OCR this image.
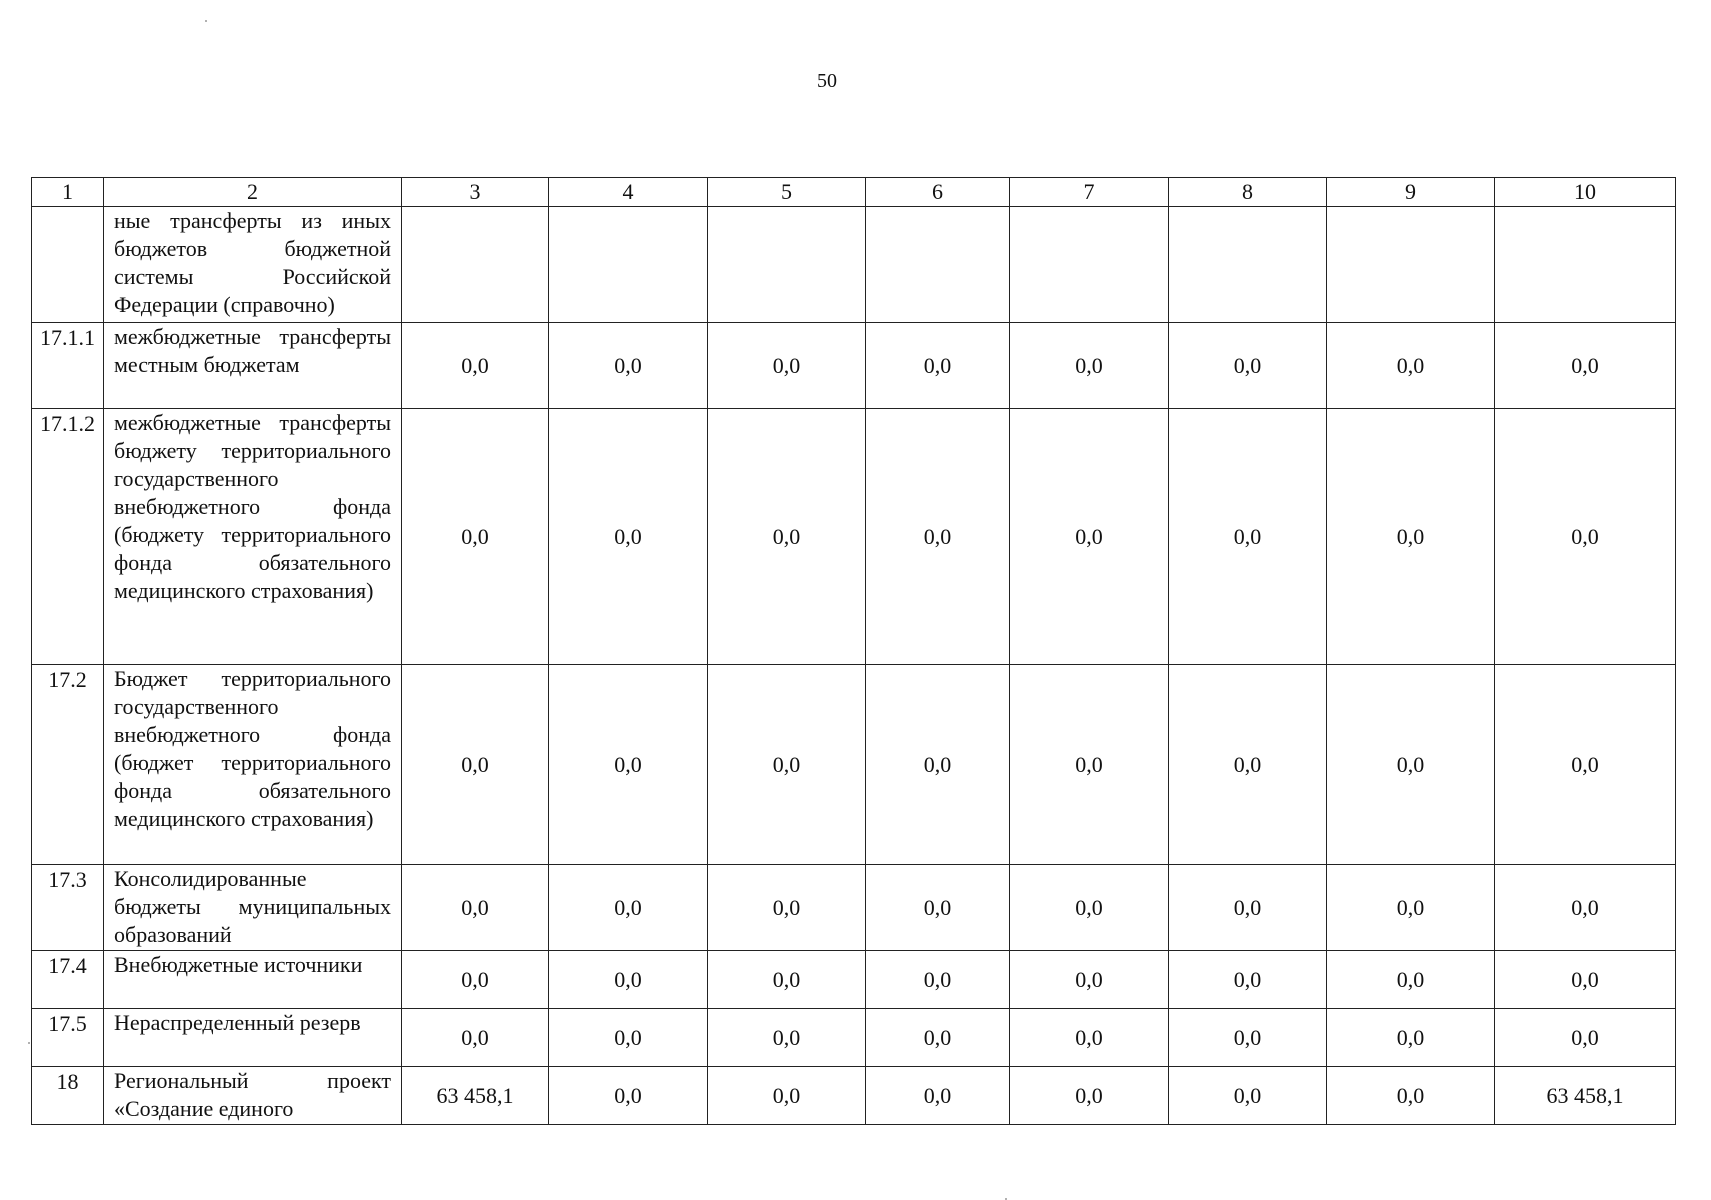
50
1	2	3	4	5	6	7	8	9	10
	ные трансферты из иных бюджетов бюджетной системы Российской Федерации (справочно)								
17.1.1	межбюджетные трансферты местным бюджетам	0,0	0,0	0,0	0,0	0,0	0,0	0,0	0,0
17.1.2	межбюджетные трансферты бюджету территориального государственного внебюджетного фонда (бюджету территориального фонда обязательного медицинского страхования)	0,0	0,0	0,0	0,0	0,0	0,0	0,0	0,0
17.2	Бюджет территориального государственного внебюджетного фонда (бюджет территориального фонда обязательного медицинского страхования)	0,0	0,0	0,0	0,0	0,0	0,0	0,0	0,0
17.3	Консолидированные бюджеты муниципальных образований	0,0	0,0	0,0	0,0	0,0	0,0	0,0	0,0
17.4	Внебюджетные источники	0,0	0,0	0,0	0,0	0,0	0,0	0,0	0,0
17.5	Нераспределенный резерв	0,0	0,0	0,0	0,0	0,0	0,0	0,0	0,0
18	Региональный проект «Создание единого	63 458,1	0,0	0,0	0,0	0,0	0,0	0,0	63 458,1
